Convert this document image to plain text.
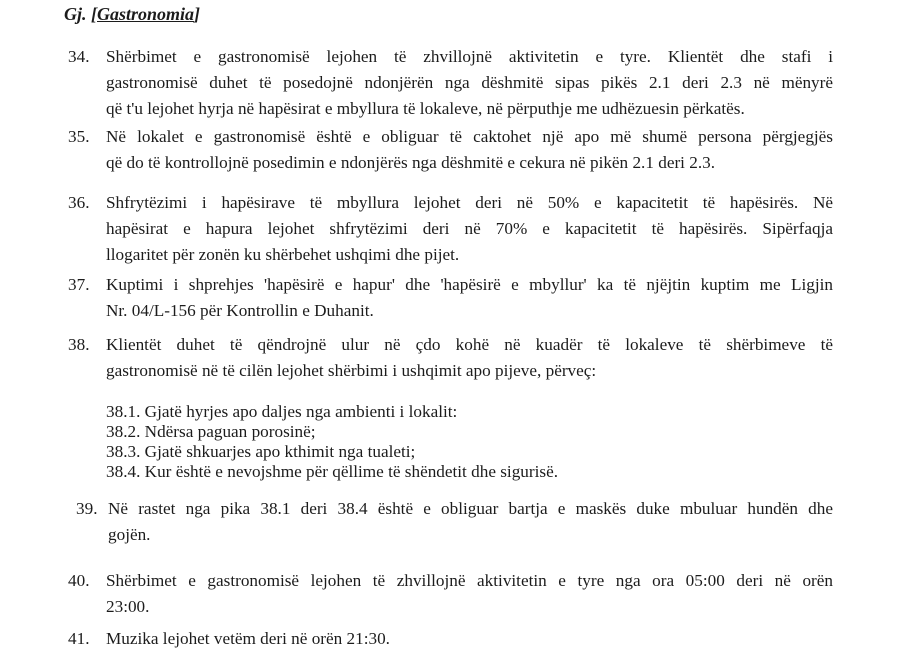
Gj. [Gastronomia]
34. Shërbimet e gastronomisë lejohen të zhvillojnë aktivitetin e tyre. Klientët dhe stafi i

gastronomisë duhet të posedojnë ndonjërën nga dëshmitë sipas pikës 2.1 deri 2.3 në mënyrë

që t'u lejohet hyrja në hapësirat e mbyllura të lokaleve, në përputhje me udhëzuesin përkatës.

35. Në lokalet e gastronomisë është e obliguar të caktohet një apo më shumë persona përgjegjës

që do të kontrollojnë posedimin e ndonjërës nga dëshmitë e cekura në pikën 2.1 deri 2.3.

36. Shfrytëzimi i hapësirave të mbyllura lejohet deri në 50% e kapacitetit të hapësirës. Në

hapësirat e hapura lejohet shfrytëzimi deri në 70% e kapacitetit të hapësirës. Sipërfaqja

llogaritet për zonën ku shërbehet ushqimi dhe pijet.

37. Kuptimi i shprehjes 'hapësirë e hapur' dhe 'hapësirë e mbyllur' ka të njëjtin kuptim me Ligjin

Nr. 04/L-156 për Kontrollin e Duhanit.

38. Klientët duhet të qëndrojnë ulur në çdo kohë në kuadër të lokaleve të shërbimeve të

gastronomisë në të cilën lejohet shërbimi i ushqimit apo pijeve, përveç:

38.1. Gjatë hyrjes apo daljes nga ambienti i lokalit:
38.2. Ndërsa paguan porosinë;
38.3. Gjatë shkuarjes apo kthimit nga tualeti;
38.4. Kur është e nevojshme për qëllime të shëndetit dhe sigurisë.
39. Në rastet nga pika 38.1 deri 38.4 është e obliguar bartja e maskës duke mbuluar hundën dhe

gojën.

40. Shërbimet e gastronomisë lejohen të zhvillojnë aktivitetin e tyre nga ora 05:00 deri në orën

23:00.

41. Muzika lejohet vetëm deri në orën 21:30.
